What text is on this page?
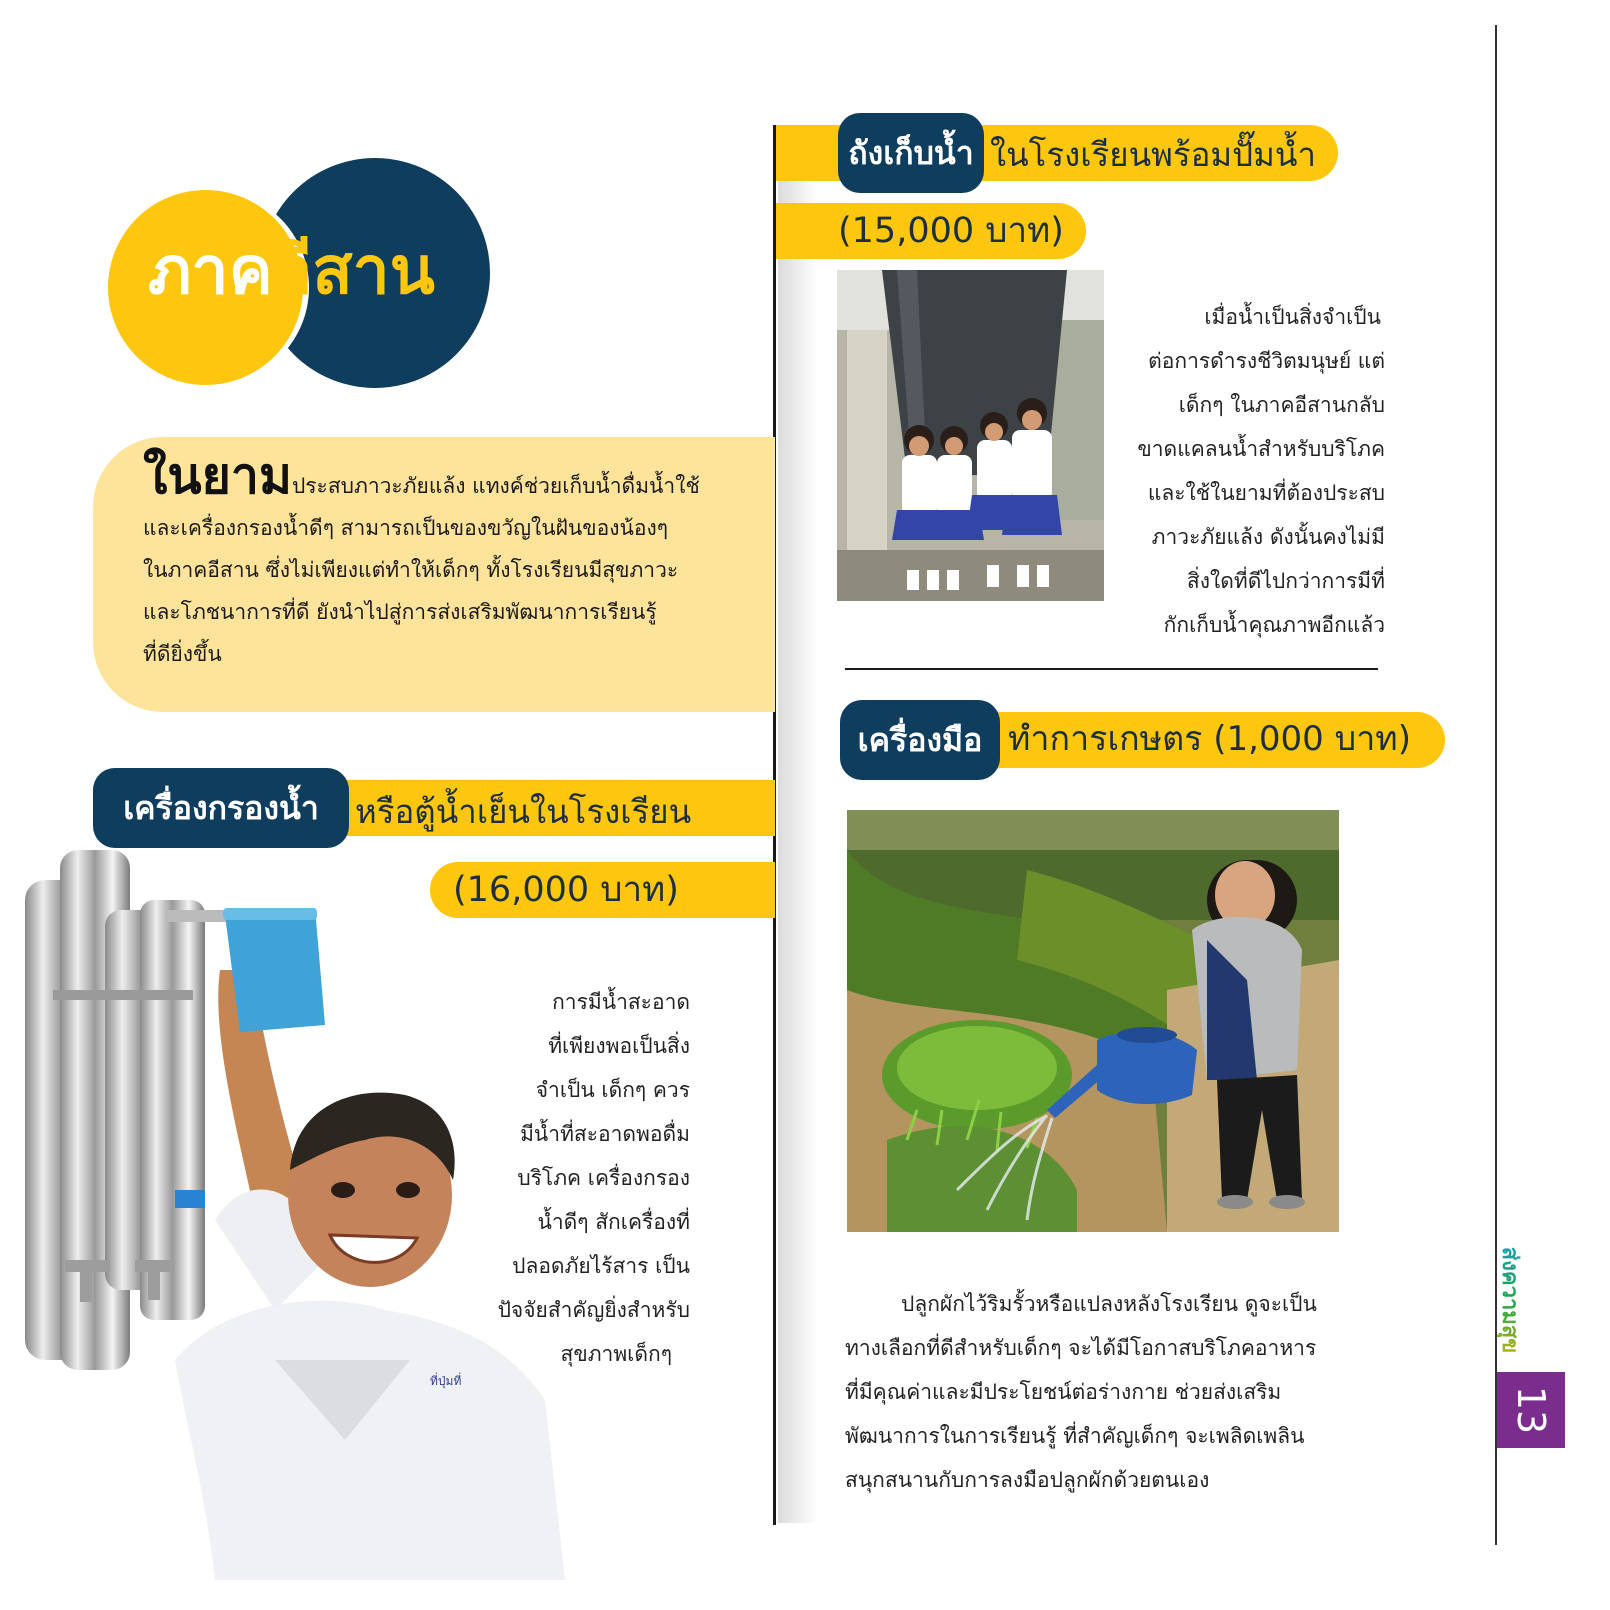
ภาคอีสาน
ในยามประสบภาวะภัยแล้ง แทงค์ช่วยเก็บน้ำดื่มน้ำใช้
และเครื่องกรองน้ำดีๆ สามารถเป็นของขวัญในฝันของน้องๆ
ในภาคอีสาน ซึ่งไม่เพียงแต่ทำให้เด็กๆ ทั้งโรงเรียนมีสุขภาวะ
และโภชนาการที่ดี ยังนำไปสู่การส่งเสริมพัฒนาการเรียนรู้
ที่ดียิ่งขึ้น
เครื่องกรองน้ำ	หรือตู้น้ำเย็นในโรงเรียน
(16,000 บาท)
ที่ปุ่มที่
การมีน้ำสะอาด
ที่เพียงพอเป็นสิ่ง
จำเป็น เด็กๆ ควร
มีน้ำที่สะอาดพอดื่ม
บริโภค เครื่องกรอง
น้ำดีๆ สักเครื่องที่
ปลอดภัยไร้สาร เป็น
ปัจจัยสำคัญยิ่งสำหรับ
สุขภาพเด็กๆ
ถังเก็บน้ำ ในโรงเรียนพร้อมปั๊มน้ำ
(15,000 บาท)
เมื่อน้ำเป็นสิ่งจำเป็น
ต่อการดำรงชีวิตมนุษย์ แต่
เด็กๆ ในภาคอีสานกลับ
ขาดแคลนน้ำสำหรับบริโภค
และใช้ในยามที่ต้องประสบ
ภาวะภัยแล้ง ดังนั้นคงไม่มี
สิ่งใดที่ดีไปกว่าการมีที่
กักเก็บน้ำคุณภาพอีกแล้ว
เครื่องมือ ทำการเกษตร (1,000 บาท)
ปลูกผักไว้ริมรั้วหรือแปลงหลังโรงเรียน ดูจะเป็น
ทางเลือกที่ดีสำหรับเด็กๆ จะได้มีโอกาสบริโภคอาหาร
ที่มีคุณค่าและมีประโยชน์ต่อร่างกาย ช่วยส่งเสริม
พัฒนาการในการเรียนรู้ ที่สำคัญเด็กๆ จะเพลิดเพลิน
สนุกสนานกับการลงมือปลูกผักด้วยตนเอง
ส่งความสุข
13
